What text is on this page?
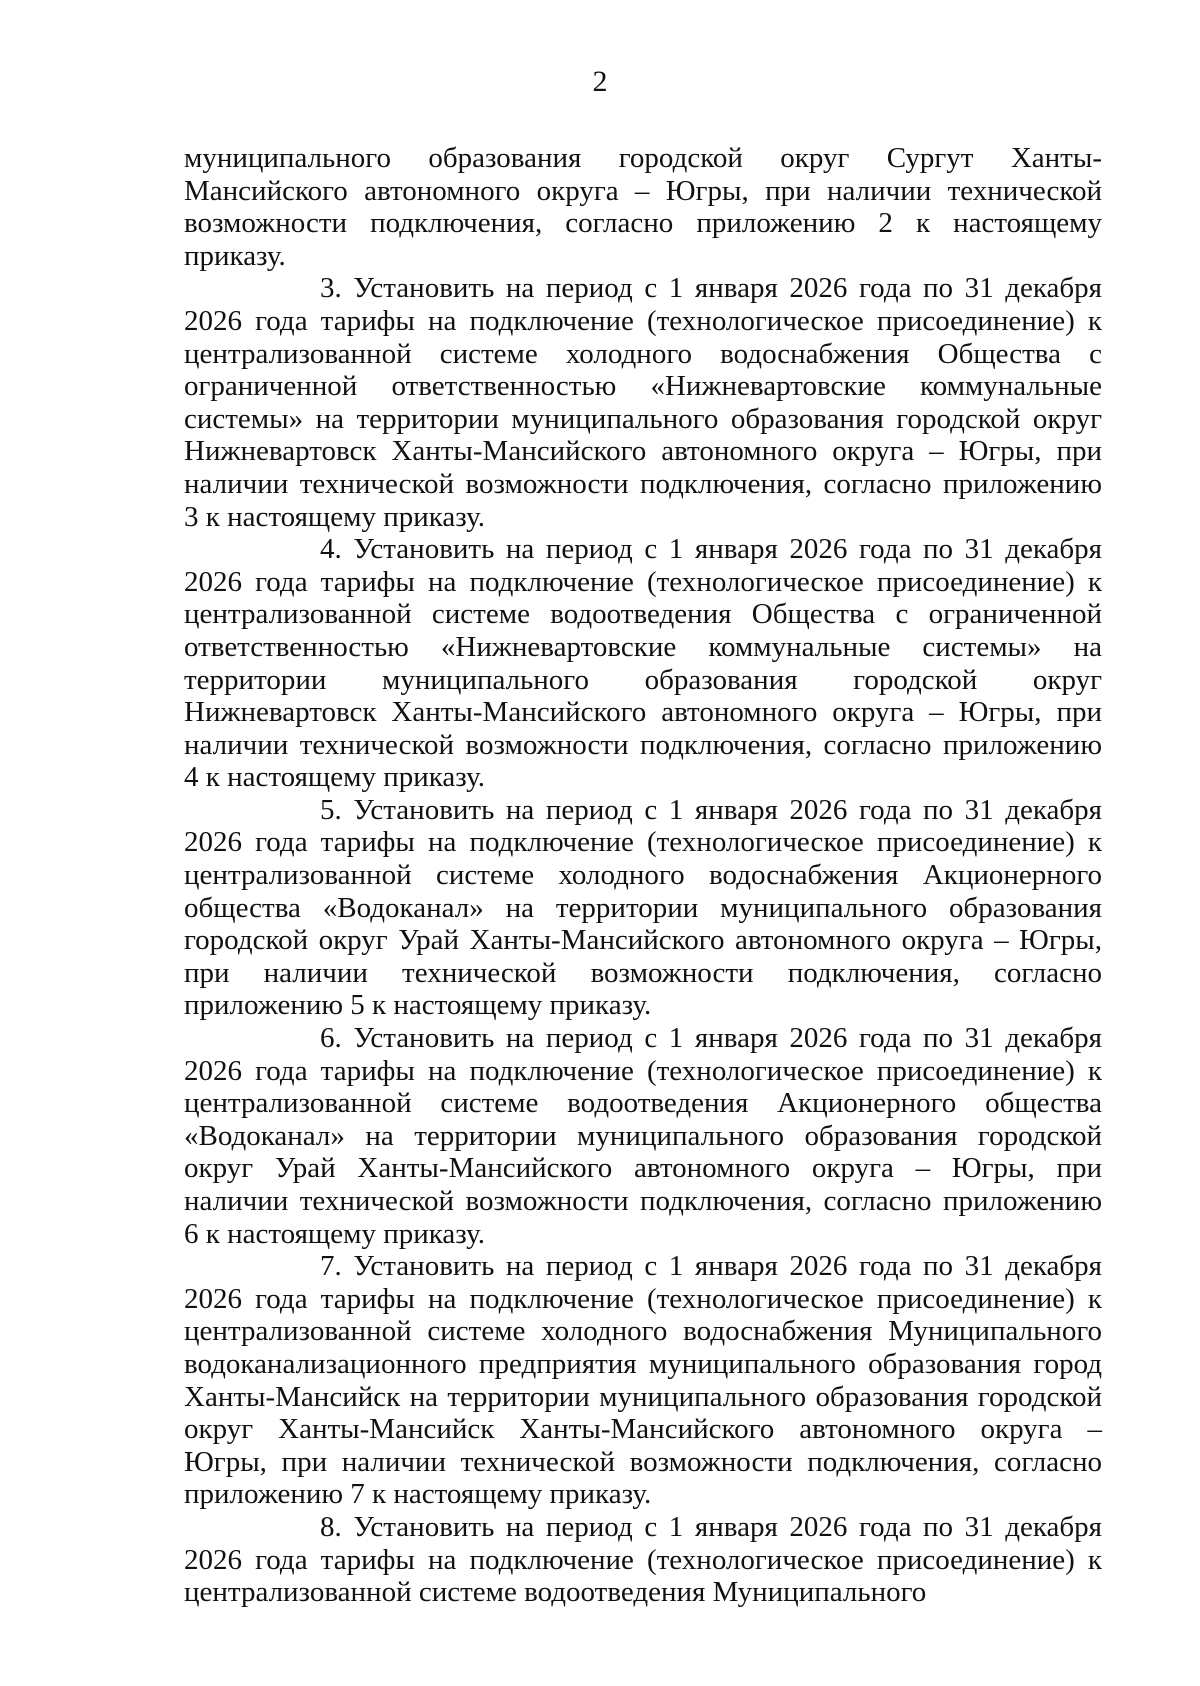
2

муниципального образования городской округ Сургут Ханты-Мансийского автономного округа – Югры, при наличии технической возможности подключения, согласно приложению 2 к настоящему приказу.

3. Установить на период с 1 января 2026 года по 31 декабря 2026 года тарифы на подключение (технологическое присоединение) к централизованной системе холодного водоснабжения Общества с ограниченной ответственностью «Нижневартовские коммунальные системы» на территории муниципального образования городской округ Нижневартовск Ханты-Мансийского автономного округа – Югры, при наличии технической возможности подключения, согласно приложению 3 к настоящему приказу.

4. Установить на период с 1 января 2026 года по 31 декабря 2026 года тарифы на подключение (технологическое присоединение) к централизованной системе водоотведения Общества с ограниченной ответственностью «Нижневартовские коммунальные системы» на территории муниципального образования городской округ Нижневартовск Ханты-Мансийского автономного округа – Югры, при наличии технической возможности подключения, согласно приложению 4 к настоящему приказу.

5. Установить на период с 1 января 2026 года по 31 декабря 2026 года тарифы на подключение (технологическое присоединение) к централизованной системе холодного водоснабжения Акционерного общества «Водоканал» на территории муниципального образования городской округ Урай Ханты-Мансийского автономного округа – Югры, при наличии технической возможности подключения, согласно приложению 5 к настоящему приказу.

6. Установить на период с 1 января 2026 года по 31 декабря 2026 года тарифы на подключение (технологическое присоединение) к централизованной системе водоотведения Акционерного общества «Водоканал» на территории муниципального образования городской округ Урай Ханты-Мансийского автономного округа – Югры, при наличии технической возможности подключения, согласно приложению 6 к настоящему приказу.

7. Установить на период с 1 января 2026 года по 31 декабря 2026 года тарифы на подключение (технологическое присоединение) к централизованной системе холодного водоснабжения Муниципального водоканализационного предприятия муниципального образования город Ханты-Мансийск на территории муниципального образования городской округ Ханты-Мансийск Ханты-Мансийского автономного округа – Югры, при наличии технической возможности подключения, согласно приложению 7 к настоящему приказу.

8. Установить на период с 1 января 2026 года по 31 декабря 2026 года тарифы на подключение (технологическое присоединение) к централизованной системе водоотведения Муниципального
